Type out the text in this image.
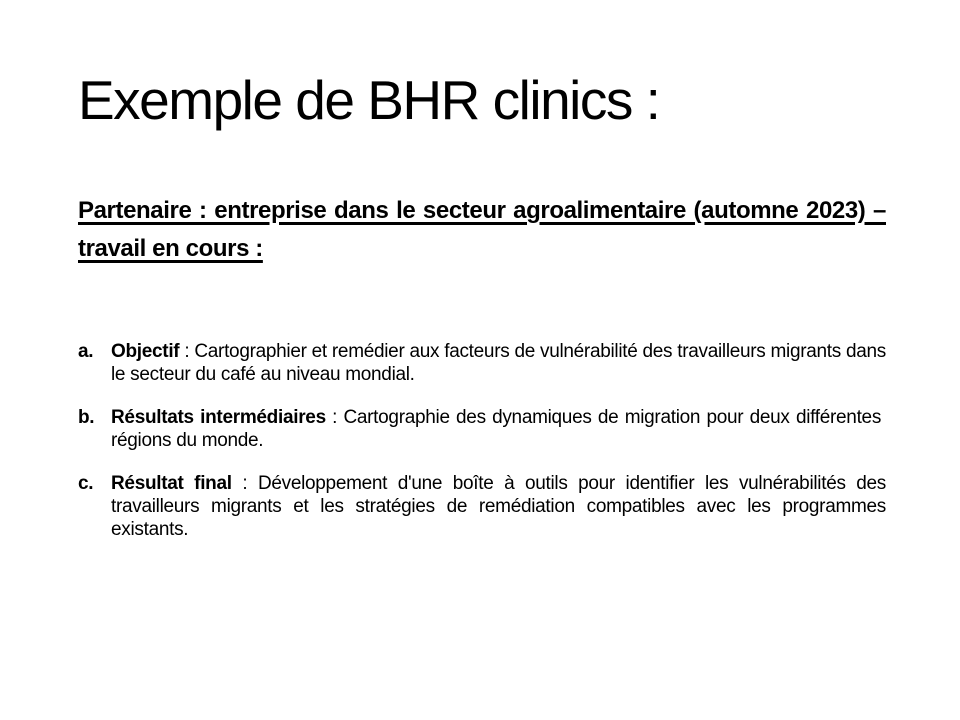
Exemple de BHR clinics :
Partenaire : entreprise dans le secteur agroalimentaire (automne 2023) – travail en cours :
a. Objectif : Cartographier et remédier aux facteurs de vulnérabilité des travailleurs migrants dans le secteur du café au niveau mondial.
b. Résultats intermédiaires : Cartographie des dynamiques de migration pour deux différentes  régions du monde.
c. Résultat final : Développement d'une boîte à outils pour identifier les vulnérabilités des travailleurs migrants et les stratégies de remédiation compatibles avec les programmes existants.
